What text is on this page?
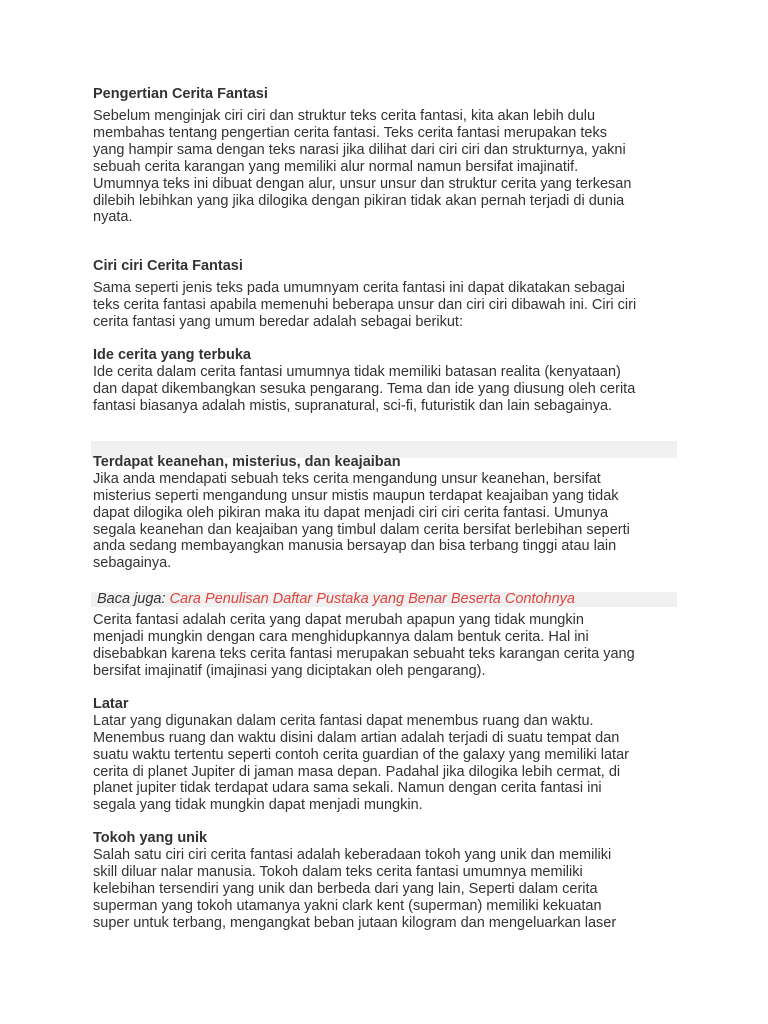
Pengertian Cerita Fantasi

Sebelum menginjak ciri ciri dan struktur teks cerita fantasi, kita akan lebih dulu

membahas tentang pengertian cerita fantasi. Teks cerita fantasi merupakan teks

yang hampir sama dengan teks narasi jika dilihat dari ciri ciri dan strukturnya, yakni

sebuah cerita karangan yang memiliki alur normal namun bersifat imajinatif.

Umumnya teks ini dibuat dengan alur, unsur unsur dan struktur cerita yang terkesan

dilebih lebihkan yang jika dilogika dengan pikiran tidak akan pernah terjadi di dunia

nyata.

Ciri ciri Cerita Fantasi

Sama seperti jenis teks pada umumnyam cerita fantasi ini dapat dikatakan sebagai

teks cerita fantasi apabila memenuhi beberapa unsur dan ciri ciri dibawah ini. Ciri ciri

cerita fantasi yang umum beredar adalah sebagai berikut:

Ide cerita yang terbuka

Ide cerita dalam cerita fantasi umumnya tidak memiliki batasan realita (kenyataan)

dan dapat dikembangkan sesuka pengarang. Tema dan ide yang diusung oleh cerita

fantasi biasanya adalah mistis, supranatural, sci-fi, futuristik dan lain sebagainya.

Terdapat keanehan, misterius, dan keajaiban

Jika anda mendapati sebuah teks cerita mengandung unsur keanehan, bersifat

misterius seperti mengandung unsur mistis maupun terdapat keajaiban yang tidak

dapat dilogika oleh pikiran maka itu dapat menjadi ciri ciri cerita fantasi. Umunya

segala keanehan dan keajaiban yang timbul dalam cerita bersifat berlebihan seperti

anda sedang membayangkan manusia bersayap dan bisa terbang tinggi atau lain

sebagainya.

Cerita fantasi adalah cerita yang dapat merubah apapun yang tidak mungkin

menjadi mungkin dengan cara menghidupkannya dalam bentuk cerita. Hal ini

disebabkan karena teks cerita fantasi merupakan sebuaht teks karangan cerita yang

bersifat imajinatif (imajinasi yang diciptakan oleh pengarang).

Latar

Latar yang digunakan dalam cerita fantasi dapat menembus ruang dan waktu.

Menembus ruang dan waktu disini dalam artian adalah terjadi di suatu tempat dan

suatu waktu tertentu seperti contoh cerita guardian of the galaxy yang memiliki latar

cerita di planet Jupiter di jaman masa depan. Padahal jika dilogika lebih cermat, di

planet jupiter tidak terdapat udara sama sekali. Namun dengan cerita fantasi ini

segala yang tidak mungkin dapat menjadi mungkin.

Tokoh yang unik

Salah satu ciri ciri cerita fantasi adalah keberadaan tokoh yang unik dan memiliki

skill diluar nalar manusia. Tokoh dalam teks cerita fantasi umumnya memiliki

kelebihan tersendiri yang unik dan berbeda dari yang lain, Seperti dalam cerita

superman yang tokoh utamanya yakni clark kent (superman) memiliki kekuatan

super untuk terbang, mengangkat beban jutaan kilogram dan mengeluarkan laser

Baca juga: Cara Penulisan Daftar Pustaka yang Benar Beserta Contohnya
